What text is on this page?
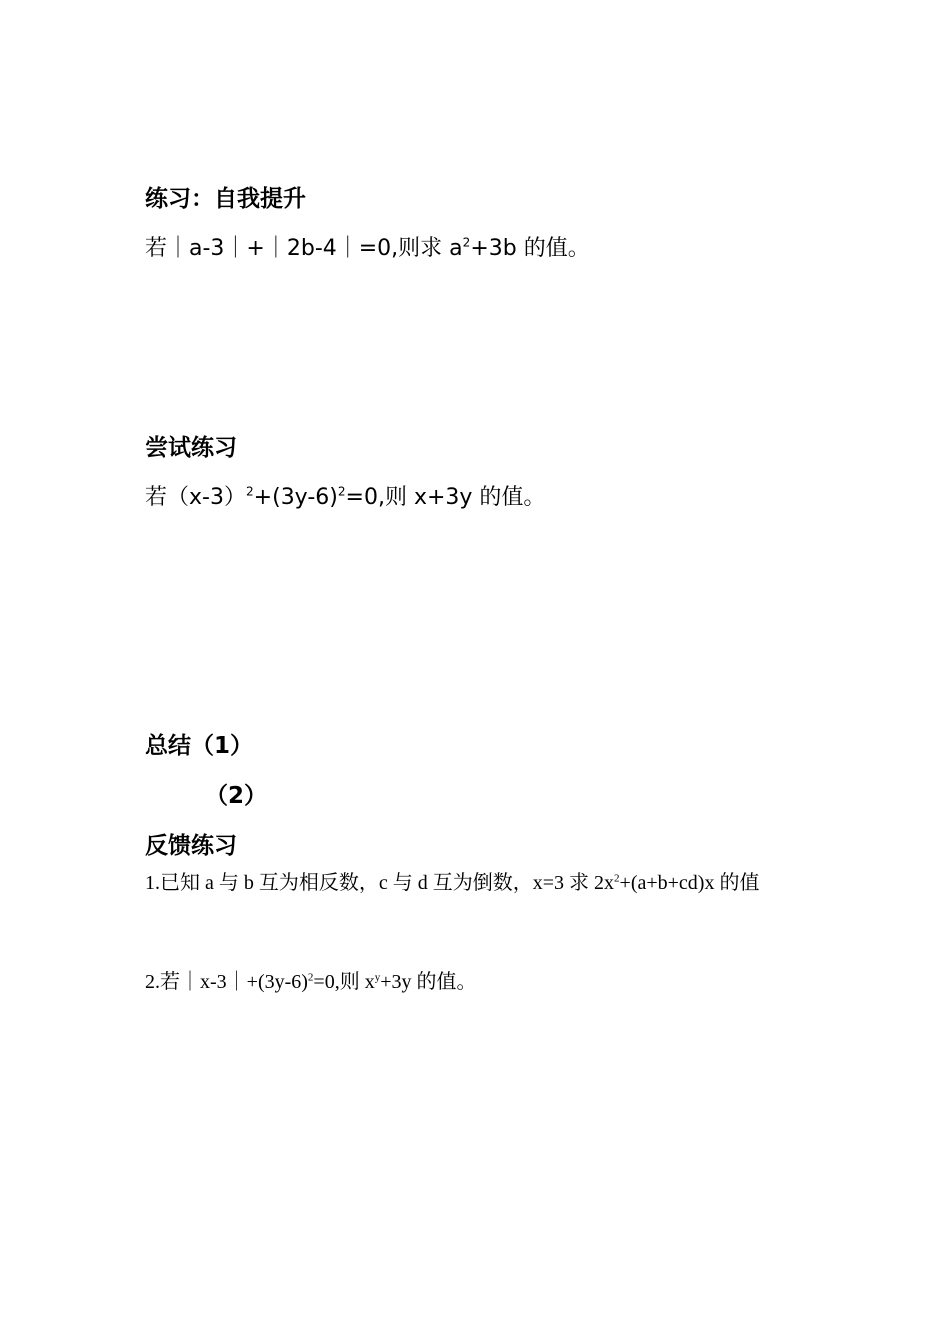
练习：自我提升
若｜a-3｜+｜2b-4｜=0,则求 $a^2+3b$ 的值。
尝试练习
若$(x-3)^2+(3y-6)^2=0$,则 x+3y 的值。
总结（1）
（2）
反馈练习
1.已知 a 与 b 互为相反数，c 与 d 互为倒数，x=3 求 $2x^2+(a+b+cd)x$ 的值
2.若$|x-3|+(3y-6)^2=0$,则 $x^y+3y$ 的值。
